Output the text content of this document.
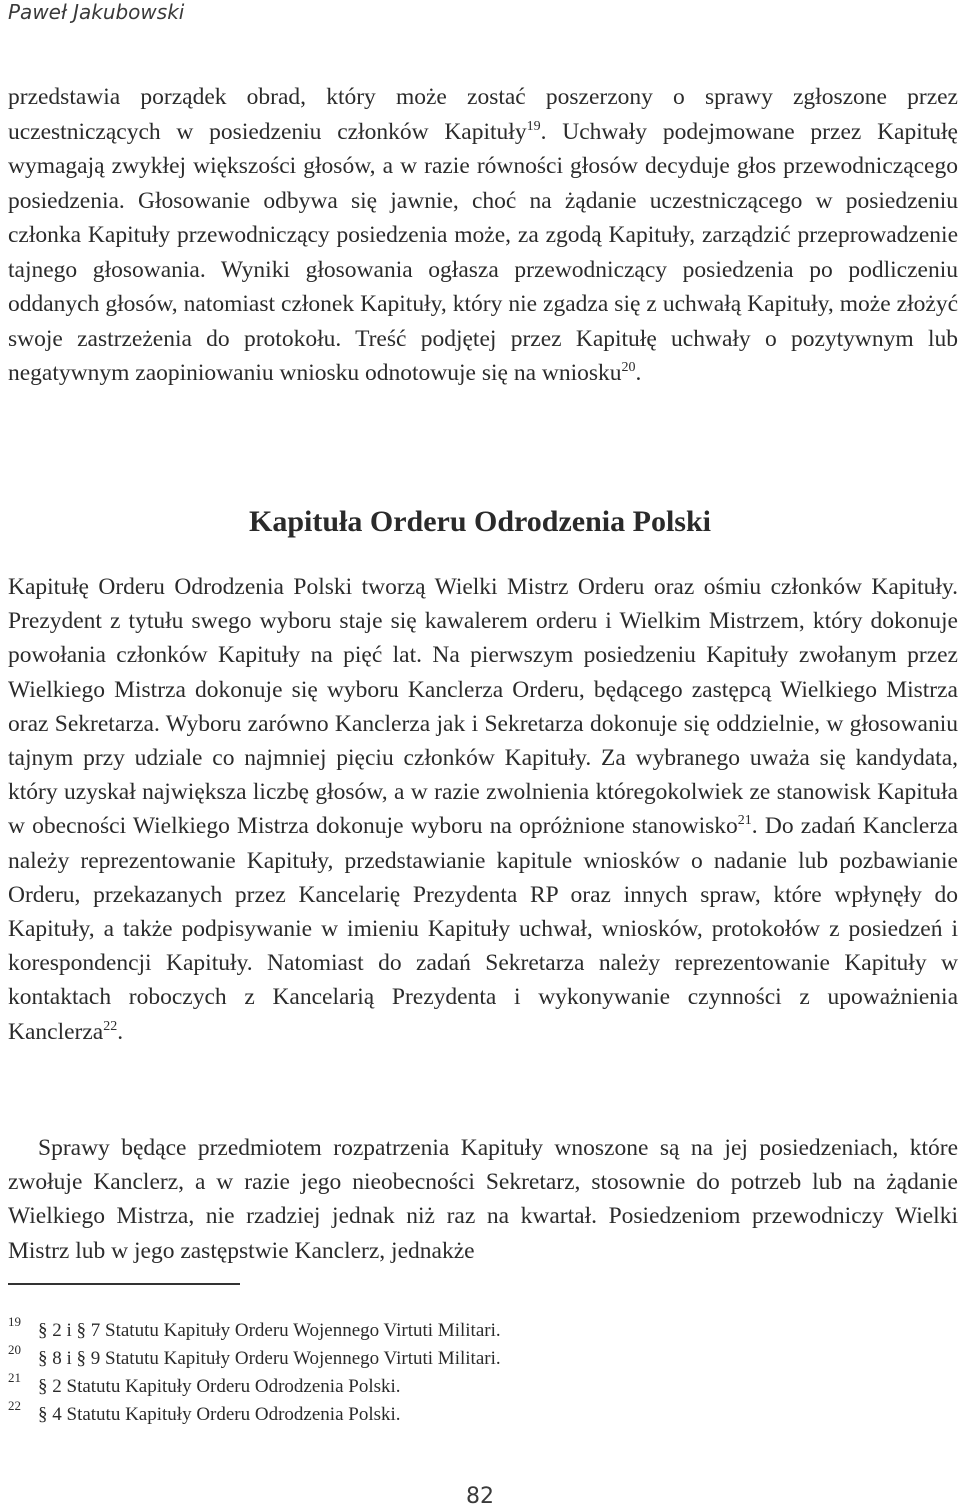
Paweł Jakubowski

przedstawia porządek obrad, który może zostać poszerzony o sprawy zgłoszone przez uczestniczących w posiedzeniu członków Kapituły$^{19}$. Uchwały podejmowane przez Kapitułę wymagają zwykłej większości głosów, a w razie równości głosów decyduje głos przewodniczącego posiedzenia. Głosowanie odbywa się jawnie, choć na żądanie uczestniczącego w posiedzeniu członka Kapituły przewodniczący posiedzenia może, za zgodą Kapituły, zarządzić przeprowadzenie tajnego głosowania. Wyniki głosowania ogłasza przewodniczący posiedzenia po podliczeniu oddanych głosów, natomiast członek Kapituły, który nie zgadza się z uchwałą Kapituły, może złożyć swoje zastrzeżenia do protokołu. Treść podjętej przez Kapitułę uchwały o pozytywnym lub negatywnym zaopiniowaniu wniosku odnotowuje się na wniosku$^{20}$.

Kapituła Orderu Odrodzenia Polski

Kapitułę Orderu Odrodzenia Polski tworzą Wielki Mistrz Orderu oraz ośmiu członków Kapituły. Prezydent z tytułu swego wyboru staje się kawalerem orderu i Wielkim Mistrzem, który dokonuje powołania członków Kapituły na pięć lat. Na pierwszym posiedzeniu Kapituły zwołanym przez Wielkiego Mistrza dokonuje się wyboru Kanclerza Orderu, będącego zastępcą Wielkiego Mistrza oraz Sekretarza. Wyboru zarówno Kanclerza jak i Sekretarza dokonuje się oddzielnie, w głosowaniu tajnym przy udziale co najmniej pięciu członków Kapituły. Za wybranego uważa się kandydata, który uzyskał największa liczbę głosów, a w razie zwolnienia któregokolwiek ze stanowisk Kapituła w obecności Wielkiego Mistrza dokonuje wyboru na opróżnione stanowisko$^{21}$. Do zadań Kanclerza należy reprezentowanie Kapituły, przedstawianie kapitule wniosków o nadanie lub pozbawianie Orderu, przekazanych przez Kancelarię Prezydenta RP oraz innych spraw, które wpłynęły do Kapituły, a także podpisywanie w imieniu Kapituły uchwał, wniosków, protokołów z posiedzeń i korespondencji Kapituły. Natomiast do zadań Sekretarza należy reprezentowanie Kapituły w kontaktach roboczych z Kancelarią Prezydenta i wykonywanie czynności z upoważnienia Kanclerza$^{22}$.

Sprawy będące przedmiotem rozpatrzenia Kapituły wnoszone są na jej posiedzeniach, które zwołuje Kanclerz, a w razie jego nieobecności Sekretarz, stosownie do potrzeb lub na żądanie Wielkiego Mistrza, nie rzadziej jednak niż raz na kwartał. Posiedzeniom przewodniczy Wielki Mistrz lub w jego zastępstwie Kanclerz, jednakże

19 § 2 i § 7 Statutu Kapituły Orderu Wojennego Virtuti Militari.
20 § 8 i § 9 Statutu Kapituły Orderu Wojennego Virtuti Militari.
21 § 2 Statutu Kapituły Orderu Odrodzenia Polski.
22 § 4 Statutu Kapituły Orderu Odrodzenia Polski.
82
